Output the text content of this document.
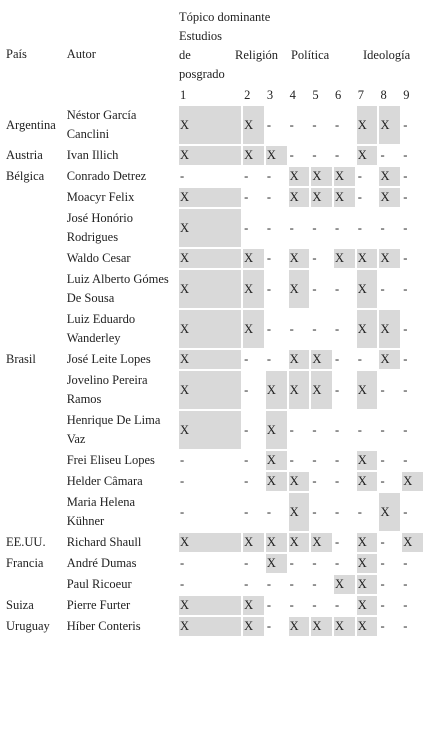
País	Autor	Tópico dominante
Estudios de posgrado
Religión Política Ideología								

		1	2	3	4	5	6	7	8	9
Argentina	Néstor García Canclini	X	X	-	-	-	-	X	X	-
Austria	Ivan Illich	X	X	X	-	-	-	X	-	-
Bélgica	Conrado Detrez	-	-	-	X	X	X	-	X	-
	Moacyr Felix	X	-	-	X	X	X	-	X	-
	José Honório Rodrigues	X	-	-	-	-	-	-	-	-
	Waldo Cesar	X	X	-	X	-	X	X	X	-
	Luiz Alberto Gómes De Sousa	X	X	-	X	-	-	X	-	-
	Luiz Eduardo Wanderley	X	X	-	-	-	-	X	X	-
Brasil	José Leite Lopes	X	-	-	X	X	-	-	X	-
	Jovelino Pereira Ramos	X	-	X	X	X	-	X	-	-
	Henrique De Lima Vaz	X	-	X	-	-	-	-	-	-
	Frei Eliseu Lopes	-	-	X	-	-	-	X	-	-
	Helder Câmara	-	-	X	X	-	-	X	-	X
	Maria Helena Kühner	-	-	-	X	-	-	-	X	-
EE.UU.	Richard Shaull	X	X	X	X	X	-	X	-	X
Francia	André Dumas	-	-	X	-	-	-	X	-	-
	Paul Ricoeur	-	-	-	-	-	X	X	-	-
Suiza	Pierre Furter	X	X	-	-	-	-	X	-	-
Uruguay	Híber Conteris	X	X	-	X	X	X	X	-	-
